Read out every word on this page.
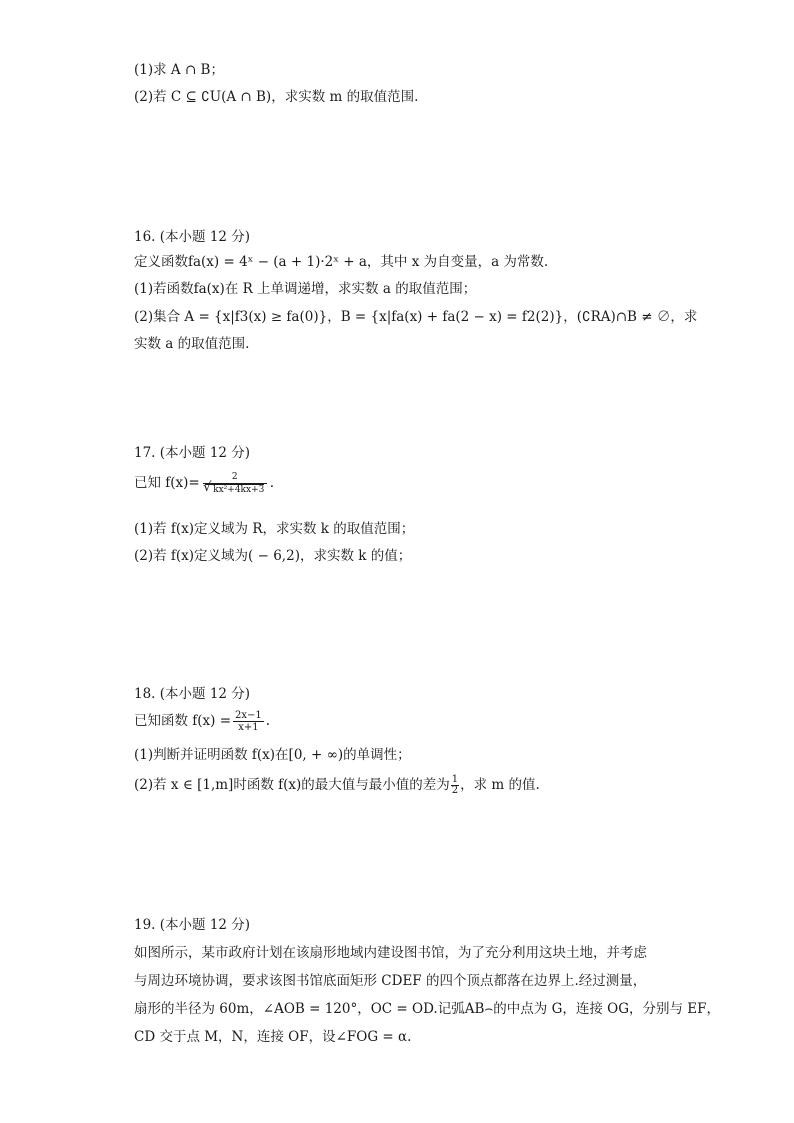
(1)求 A ∩ B；
(2)若 C ⊆ ∁U(A ∩ B)，求实数 m 的取值范围.
16. (本小题 12 分)
定义函数fa(x) = 4ˣ − (a + 1)·2ˣ + a，其中 x 为自变量，a 为常数.
(1)若函数fa(x)在 R 上单调递增，求实数 a 的取值范围；
(2)集合 A = {x|f3(x) ≥ fa(0)}，B = {x|fa(x) + fa(2 − x) = f2(2)}，(∁RA)∩B ≠ ∅，求
实数 a 的取值范围.
17. (本小题 12 分)
已知 f(x)= 2
√ kx²+4kx+3 .
(1)若 f(x)定义域为 R，求实数 k 的取值范围；
(2)若 f(x)定义域为( − 6,2)，求实数 k 的值；
18. (本小题 12 分)
已知函数 $f(x) = \frac{2x-1}{x+1}$ .
(1)判断并证明函数 f(x)在[0, + ∞)的单调性；
(2)若 x ∈ [1,m]时函数 f(x)的最大值与最小值的差为 $\frac{1}{2}$ ，求 m 的值.
19. (本小题 12 分)
如图所示，某市政府计划在该扇形地域内建设图书馆，为了充分利用这块土地，并考虑
与周边环境协调，要求该图书馆底面矩形 CDEF 的四个顶点都落在边界上.经过测量，
扇形的半径为 60m，∠AOB = 120°，OC = OD.记弧AB⌢的中点为 G，连接 OG，分别与 EF，
CD 交于点 M，N，连接 OF，设∠FOG = α.
